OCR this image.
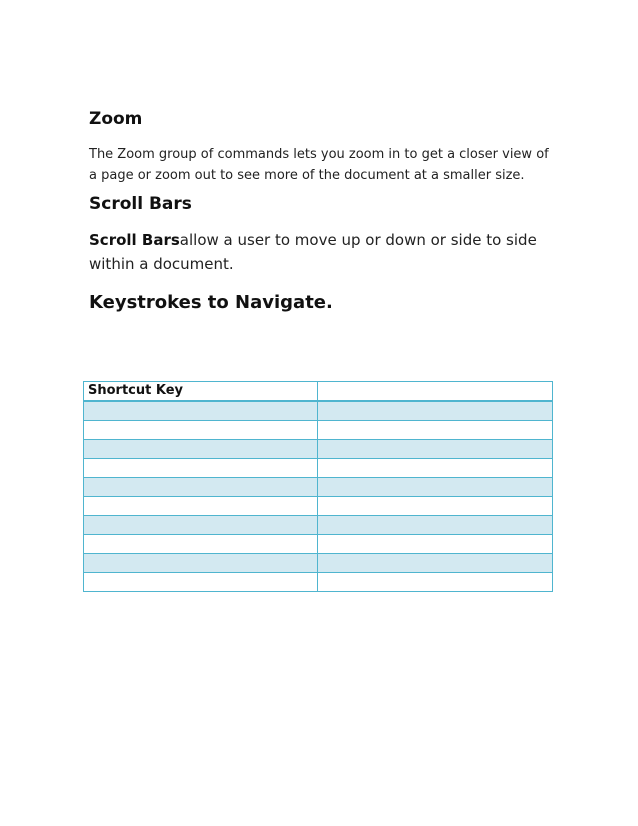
Zoom

The Zoom group of commands lets you zoom in to get a closer view of a page or zoom out to see more of the document at a smaller size.

Scroll Bars

Scroll Barsallow a user to move up or down or side to side within a document.

Keystrokes to Navigate.
Shortcut Key	
